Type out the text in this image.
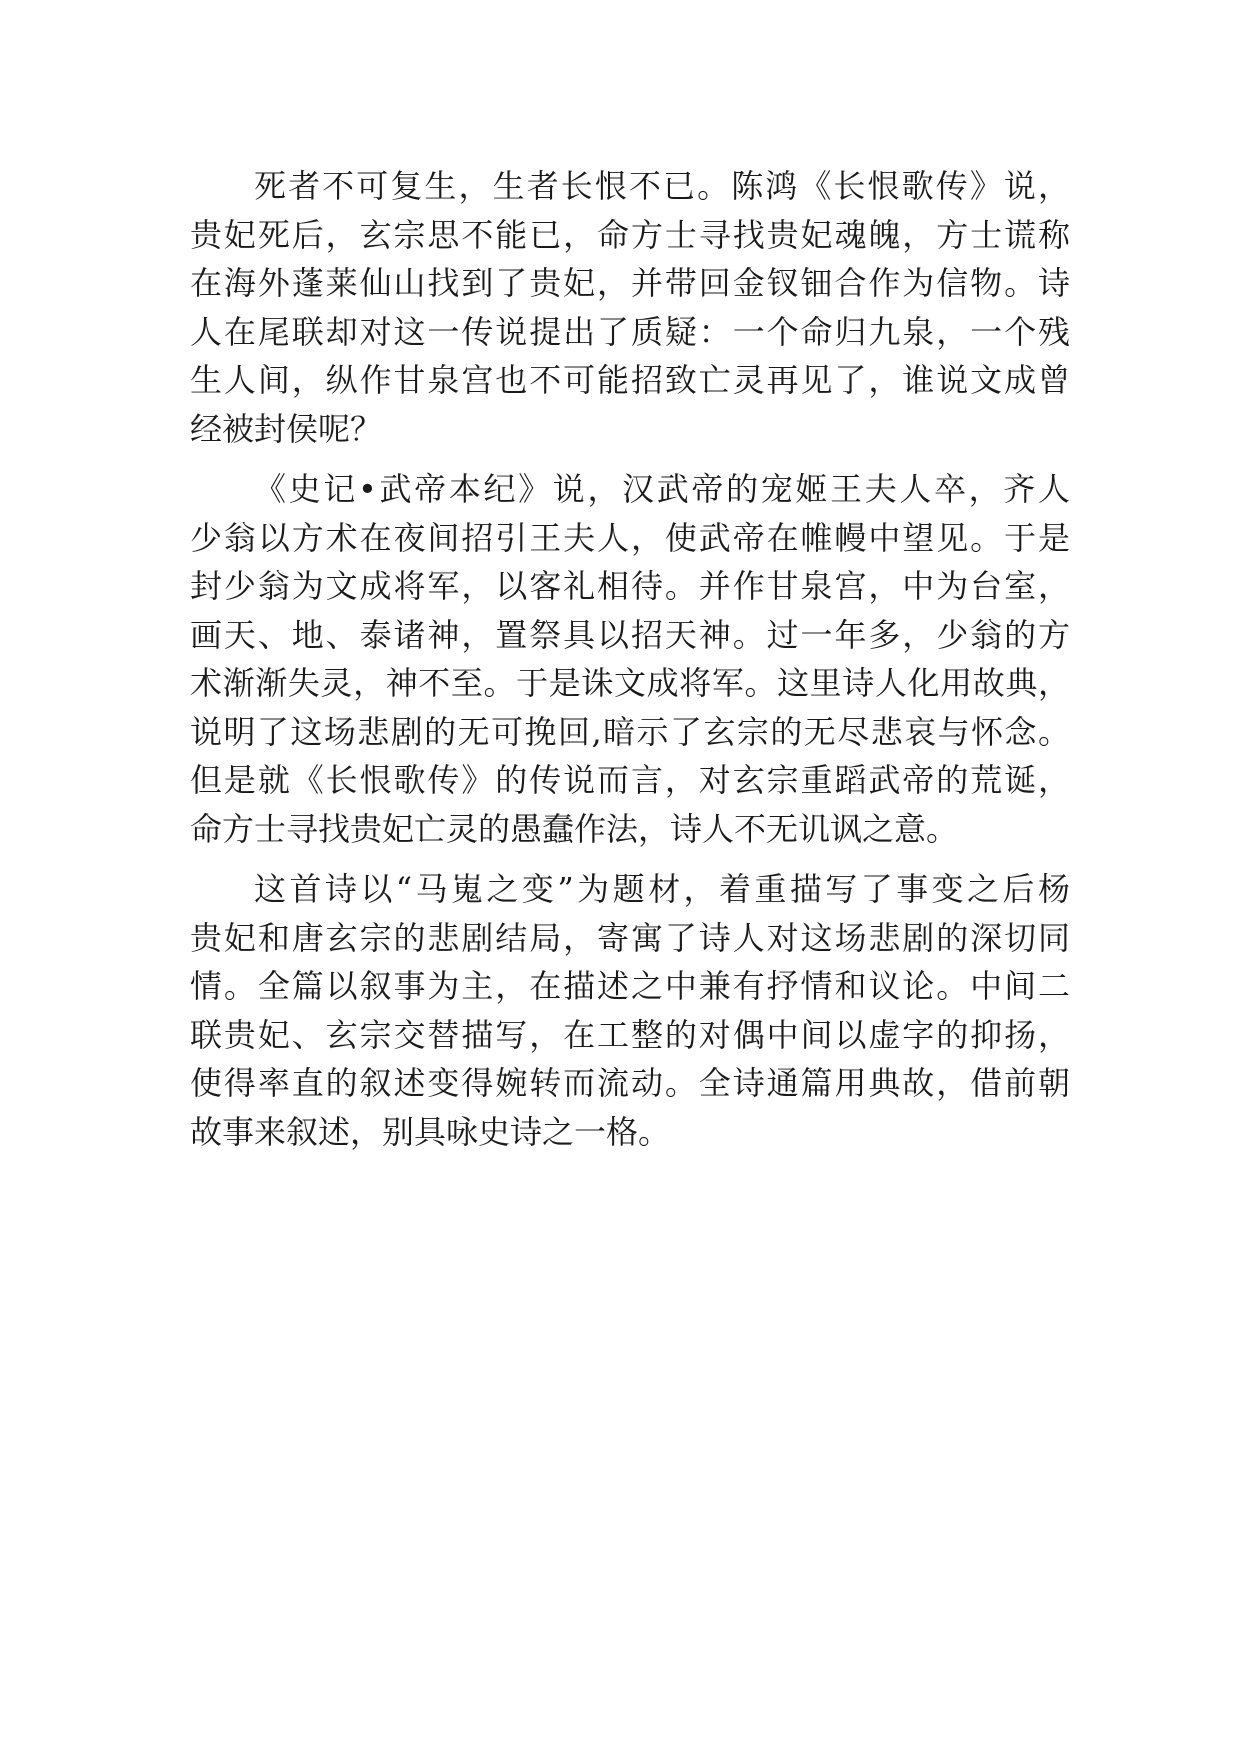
死者不可复生，生者长恨不已。陈鸿《长恨歌传》说，
贵妃死后，玄宗思不能已，命方士寻找贵妃魂魄，方士谎称
在海外蓬莱仙山找到了贵妃，并带回金钗钿合作为信物。诗
人在尾联却对这一传说提出了质疑：一个命归九泉，一个残
生人间，纵作甘泉宫也不可能招致亡灵再见了，谁说文成曾
经被封侯呢？
《史记•武帝本纪》说，汉武帝的宠姬王夫人卒，齐人
少翁以方术在夜间招引王夫人，使武帝在帷幔中望见。于是
封少翁为文成将军，以客礼相待。并作甘泉宫，中为台室，
画天、地、泰诸神，置祭具以招天神。过一年多，少翁的方
术渐渐失灵，神不至。于是诛文成将军。这里诗人化用故典，
说明了这场悲剧的无可挽回,暗示了玄宗的无尽悲哀与怀念。
但是就《长恨歌传》的传说而言，对玄宗重蹈武帝的荒诞，
命方士寻找贵妃亡灵的愚蠢作法，诗人不无讥讽之意。
这首诗以“马嵬之变”为题材，着重描写了事变之后杨
贵妃和唐玄宗的悲剧结局，寄寓了诗人对这场悲剧的深切同
情。全篇以叙事为主，在描述之中兼有抒情和议论。中间二
联贵妃、玄宗交替描写，在工整的对偶中间以虚字的抑扬，
使得率直的叙述变得婉转而流动。全诗通篇用典故，借前朝
故事来叙述，别具咏史诗之一格。
